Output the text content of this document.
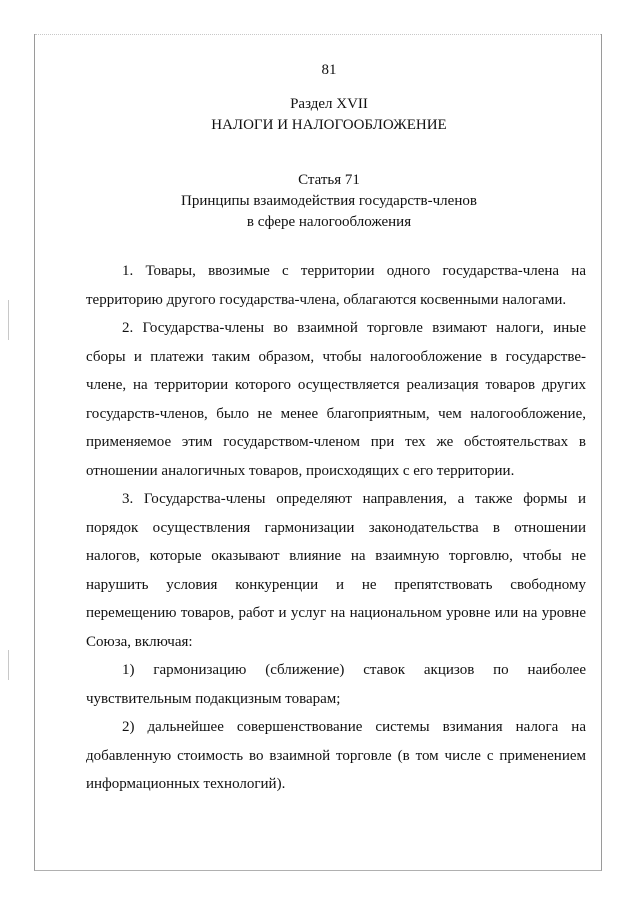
81
Раздел XVII
НАЛОГИ И НАЛОГООБЛОЖЕНИЕ
Статья 71
Принципы взаимодействия государств-членов
в сфере налогообложения

1. Товары, ввозимые с территории одного государства-члена на территорию другого государства-члена, облагаются косвенными налогами.

2. Государства-члены во взаимной торговле взимают налоги, иные сборы и платежи таким образом, чтобы налогообложение в государстве-члене, на территории которого осуществляется реализация товаров других государств-членов, было не менее благоприятным, чем налогообложение, применяемое этим государством-членом при тех же обстоятельствах в отношении аналогичных товаров, происходящих с его территории.

3. Государства-члены определяют направления, а также формы и порядок осуществления гармонизации законодательства в отношении налогов, которые оказывают влияние на взаимную торговлю, чтобы не нарушить условия конкуренции и не препятствовать свободному перемещению товаров, работ и услуг на национальном уровне или на уровне Союза, включая:

1) гармонизацию (сближение) ставок акцизов по наиболее чувствительным подакцизным товарам;

2) дальнейшее совершенствование системы взимания налога на добавленную стоимость во взаимной торговле (в том числе с применением информационных технологий).
